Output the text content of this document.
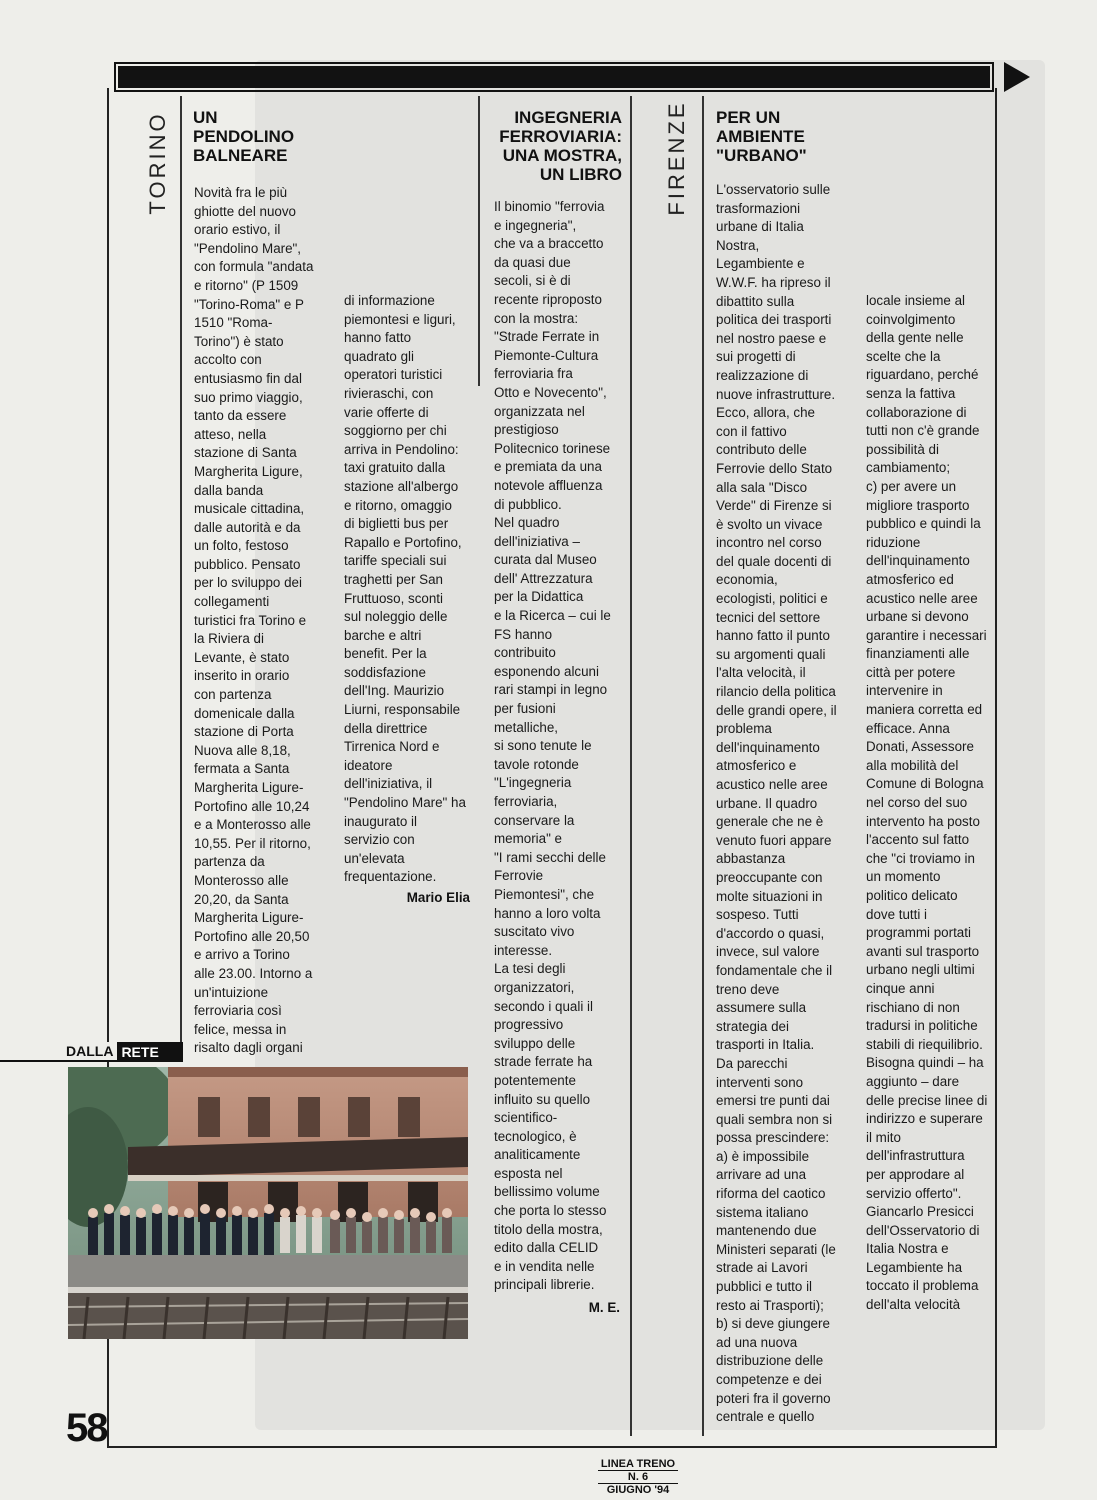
TORINO	FIRENZE
UN
PENDOLINO
BALNEARE
Novità fra le più
ghiotte del nuovo
orario estivo, il
"Pendolino Mare",
con formula "andata
e ritorno" (P 1509
"Torino-Roma" e P
1510 "Roma-
Torino") è stato
accolto con
entusiasmo fin dal
suo primo viaggio,
tanto da essere
atteso, nella
stazione di Santa
Margherita Ligure,
dalla banda
musicale cittadina,
dalle autorità e da
un folto, festoso
pubblico. Pensato
per lo sviluppo dei
collegamenti
turistici fra Torino e
la Riviera di
Levante, è stato
inserito in orario
con partenza
domenicale dalla
stazione di Porta
Nuova alle 8,18,
fermata a Santa
Margherita Ligure-
Portofino alle 10,24
e a Monterosso alle
10,55. Per il ritorno,
partenza da
Monterosso alle
20,20, da Santa
Margherita Ligure-
Portofino alle 20,50
e arrivo a Torino
alle 23.00. Intorno a
un'intuizione
ferroviaria così
felice, messa in
risalto dagli organi
di informazione
piemontesi e liguri,
hanno fatto
quadrato gli
operatori turistici
rivieraschi, con
varie offerte di
soggiorno per chi
arriva in Pendolino:
taxi gratuito dalla
stazione all'albergo
e ritorno, omaggio
di biglietti bus per
Rapallo e Portofino,
tariffe speciali sui
traghetti per San
Fruttuoso, sconti
sul noleggio delle
barche e altri
benefit. Per la
soddisfazione
dell'Ing. Maurizio
Liurni, responsabile
della direttrice
Tirrenica Nord e
ideatore
dell'iniziativa, il
"Pendolino Mare" ha
inaugurato il
servizio con
un'elevata
frequentazione.
Mario Elia
INGEGNERIA
FERROVIARIA:
UNA MOSTRA,
UN LIBRO
Il binomio "ferrovia
e ingegneria",
che va a braccetto
da quasi due
secoli, si è di
recente riproposto
con la mostra:
"Strade Ferrate in
Piemonte-Cultura
ferroviaria fra
Otto e Novecento",
organizzata nel
prestigioso
Politecnico torinese
e premiata da una
notevole affluenza
di pubblico.
Nel quadro
dell'iniziativa –
curata dal Museo
dell' Attrezzatura
per la Didattica
e la Ricerca – cui le
FS hanno
contribuito
esponendo alcuni
rari stampi in legno
per fusioni
metalliche,
si sono tenute le
tavole rotonde
"L'ingegneria
ferroviaria,
conservare la
memoria" e
"I rami secchi delle
Ferrovie
Piemontesi", che
hanno a loro volta
suscitato vivo
interesse.
La tesi degli
organizzatori,
secondo i quali il
progressivo
sviluppo delle
strade ferrate ha
potentemente
influito su quello
scientifico-
tecnologico, è
analiticamente
esposta nel
bellissimo volume
che porta lo stesso
titolo della mostra,
edito dalla CELID
e in vendita nelle
principali librerie.
M. E.
PER UN
AMBIENTE
"URBANO"
L'osservatorio sulle
trasformazioni
urbane di Italia
Nostra,
Legambiente e
W.W.F. ha ripreso il
dibattito sulla
politica dei trasporti
nel nostro paese e
sui progetti di
realizzazione di
nuove infrastrutture.
Ecco, allora, che
con il fattivo
contributo delle
Ferrovie dello Stato
alla sala "Disco
Verde" di Firenze si
è svolto un vivace
incontro nel corso
del quale docenti di
economia,
ecologisti, politici e
tecnici del settore
hanno fatto il punto
su argomenti quali
l'alta velocità, il
rilancio della politica
delle grandi opere, il
problema
dell'inquinamento
atmosferico e
acustico nelle aree
urbane. Il quadro
generale che ne è
venuto fuori appare
abbastanza
preoccupante con
molte situazioni in
sospeso. Tutti
d'accordo o quasi,
invece, sul valore
fondamentale che il
treno deve
assumere sulla
strategia dei
trasporti in Italia.
Da parecchi
interventi sono
emersi tre punti dai
quali sembra non si
possa prescindere:
a) è impossibile
arrivare ad una
riforma del caotico
sistema italiano
mantenendo due
Ministeri separati (le
strade ai Lavori
pubblici e tutto il
resto ai Trasporti);
b) si deve giungere
ad una nuova
distribuzione delle
competenze e dei
poteri fra il governo
centrale e quello
locale insieme al
coinvolgimento
della gente nelle
scelte che la
riguardano, perché
senza la fattiva
collaborazione di
tutti non c'è grande
possibilità di
cambiamento;
c) per avere un
migliore trasporto
pubblico e quindi la
riduzione
dell'inquinamento
atmosferico ed
acustico nelle aree
urbane si devono
garantire i necessari
finanziamenti alle
città per potere
intervenire in
maniera corretta ed
efficace. Anna
Donati, Assessore
alla mobilità del
Comune di Bologna
nel corso del suo
intervento ha posto
l'accento sul fatto
che "ci troviamo in
un momento
politico delicato
dove tutti i
programmi portati
avanti sul trasporto
urbano negli ultimi
cinque anni
rischiano di non
tradursi in politiche
stabili di riequilibrio.
Bisogna quindi – ha
aggiunto – dare
delle precise linee di
indirizzo e superare
il mito
dell'infrastruttura
per approdare al
servizio offerto".
Giancarlo Presicci
dell'Osservatorio di
Italia Nostra e
Legambiente ha
toccato il problema
dell'alta velocità
DALLA RETE
58
LINEA TRENO
N. 6
GIUGNO '94
